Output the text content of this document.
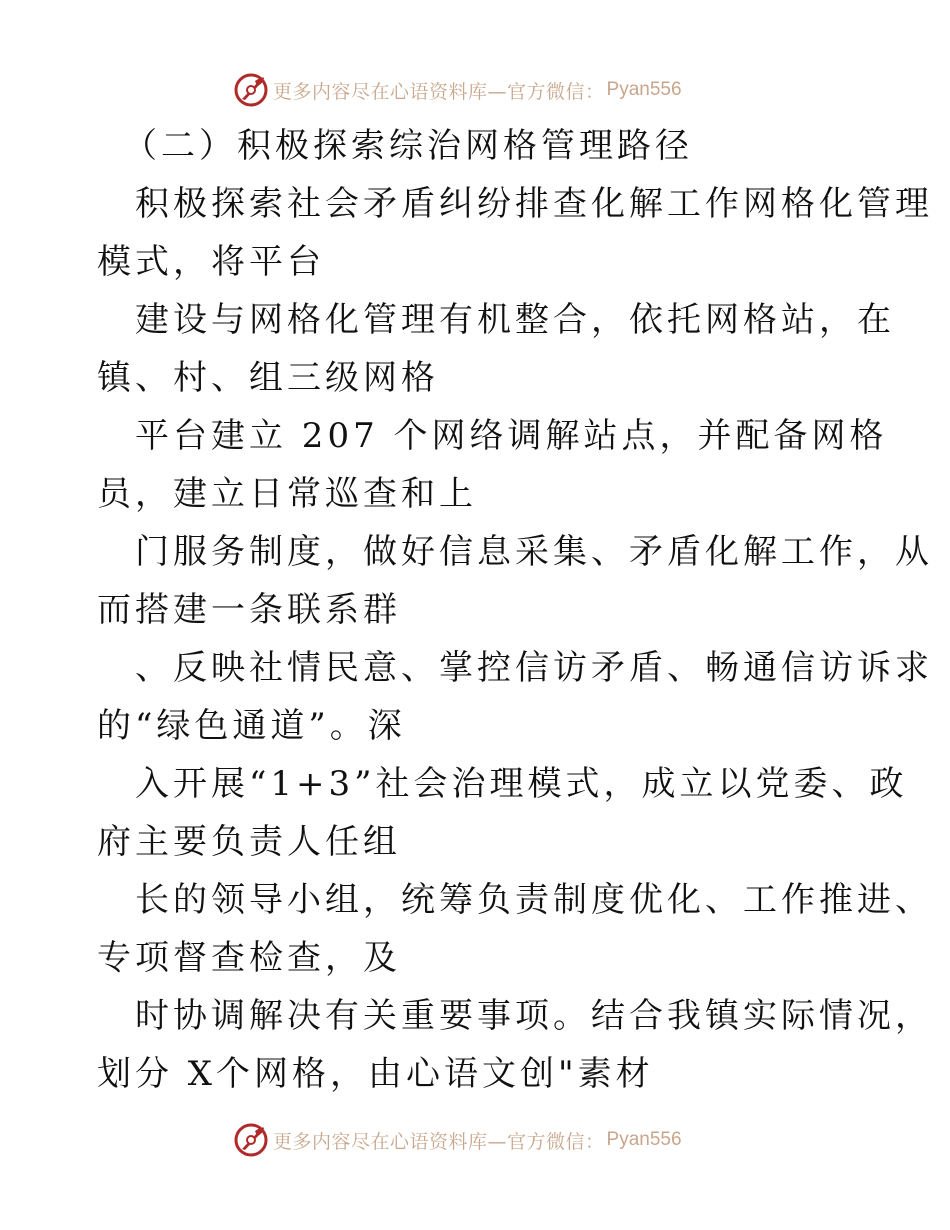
更多内容尽在心语资料库—官方微信： Pyan556
（二）积极探索综治网格管理路径
积极探索社会矛盾纠纷排查化解工作网格化管理
模式，将平台
建设与网格化管理有机整合，依托网格站，在
镇、村、组三级网格
平台建立 207 个网络调解站点，并配备网格
员，建立日常巡查和上
门服务制度，做好信息采集、矛盾化解工作，从
而搭建一条联系群
、反映社情民意、掌控信访矛盾、畅通信访诉求
的“绿色通道”。深
入开展“1+3”社会治理模式，成立以党委、政
府主要负责人任组
长的领导小组，统筹负责制度优化、工作推进、
专项督查检查，及
时协调解决有关重要事项。结合我镇实际情况，
划分 X个网格，由心语文创"素材
更多内容尽在心语资料库—官方微信： Pyan556
